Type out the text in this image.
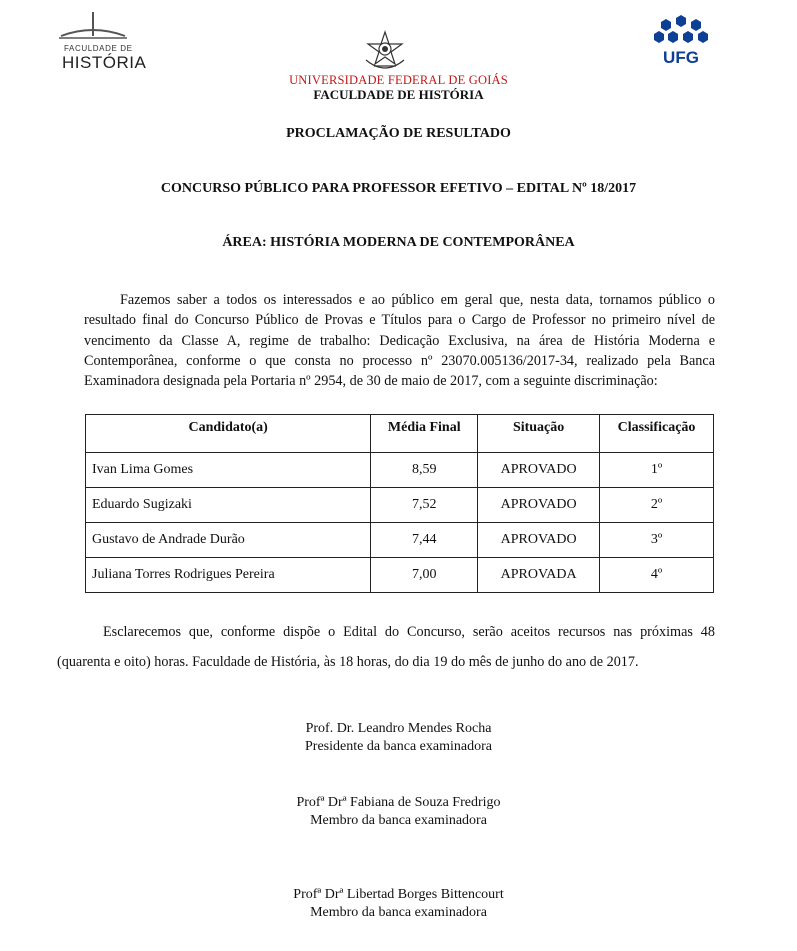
FACULDADE DE
HISTÓRIA	UFG
UNIVERSIDADE FEDERAL DE GOIÁS
FACULDADE DE HISTÓRIA
PROCLAMAÇÃO DE RESULTADO
CONCURSO PÚBLICO PARA PROFESSOR EFETIVO – EDITAL Nº 18/2017
ÁREA: HISTÓRIA MODERNA DE CONTEMPORÂNEA

Fazemos saber a todos os interessados e ao público em geral que, nesta data, tornamos público o resultado final do Concurso Público de Provas e Títulos para o Cargo de Professor no primeiro nível de vencimento da Classe A, regime de trabalho: Dedicação Exclusiva, na área de História Moderna e Contemporânea, conforme o que consta no processo nº 23070.005136/2017-34, realizado pela Banca Examinadora designada pela Portaria nº 2954, de 30 de maio de 2017, com a seguinte discriminação:

Candidato(a)	Média Final	Situação	Classificação
Ivan Lima Gomes	8,59	APROVADO	1º
Eduardo Sugizaki	7,52	APROVADO	2º
Gustavo de Andrade Durão	7,44	APROVADO	3º
Juliana Torres Rodrigues Pereira	7,00	APROVADA	4º

Esclarecemos que, conforme dispõe o Edital do Concurso, serão aceitos recursos nas próximas 48 (quarenta e oito) horas. Faculdade de História, às 18 horas, do dia 19 do mês de junho do ano de 2017.

Prof. Dr. Leandro Mendes Rocha
Presidente da banca examinadora
Profª Drª Fabiana de Souza Fredrigo
Membro da banca examinadora
Profª Drª Libertad Borges Bittencourt
Membro da banca examinadora
